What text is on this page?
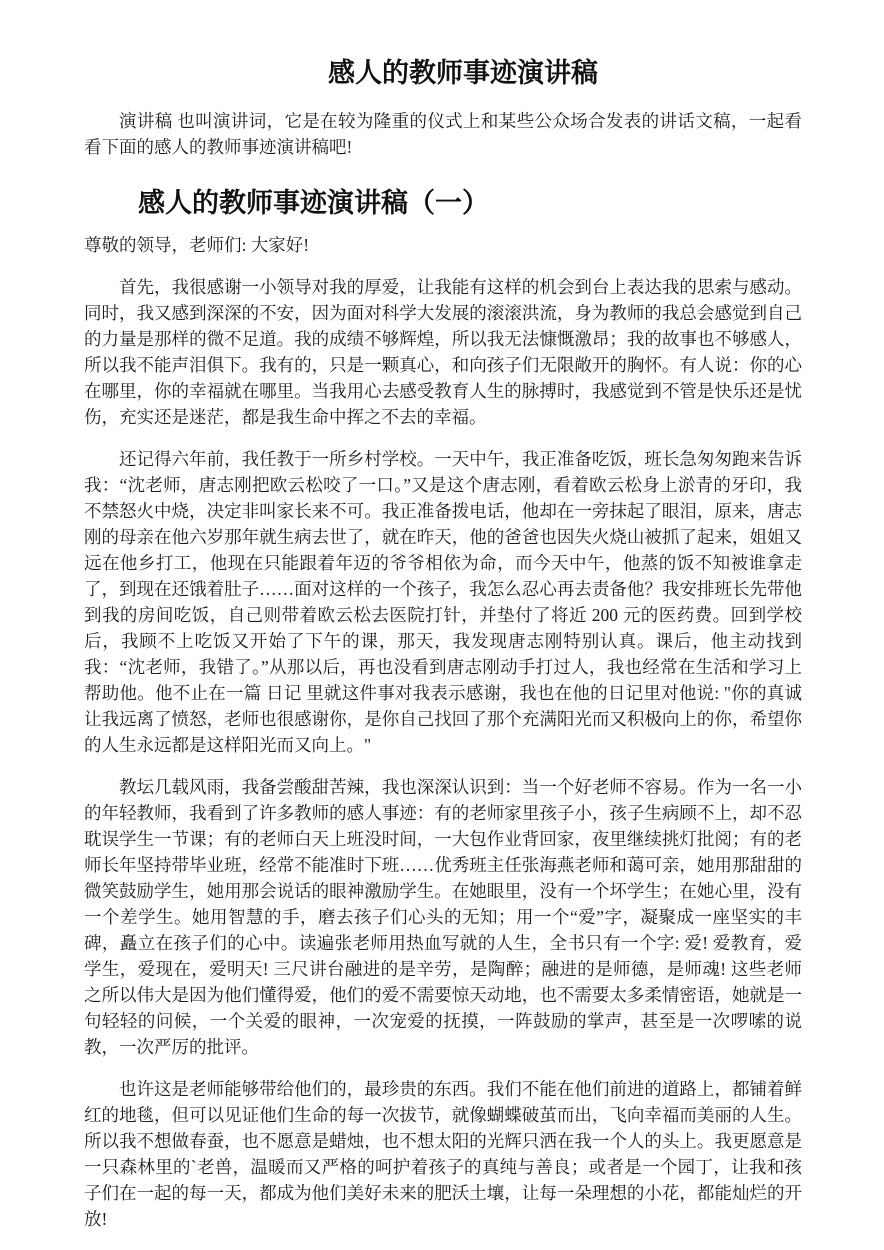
感人的教师事迹演讲稿

演讲稿 也叫演讲词，它是在较为隆重的仪式上和某些公众场合发表的讲话文稿，一起看看下面的感人的教师事迹演讲稿吧!

感人的教师事迹演讲稿（一）

尊敬的领导，老师们: 大家好!

首先，我很感谢一小领导对我的厚爱，让我能有这样的机会到台上表达我的思索与感动。同时，我又感到深深的不安，因为面对科学大发展的滚滚洪流，身为教师的我总会感觉到自己的力量是那样的微不足道。我的成绩不够辉煌，所以我无法慷慨激昂；我的故事也不够感人，所以我不能声泪俱下。我有的，只是一颗真心，和向孩子们无限敞开的胸怀。有人说：你的心在哪里，你的幸福就在哪里。当我用心去感受教育人生的脉搏时，我感觉到不管是快乐还是忧伤，充实还是迷茫，都是我生命中挥之不去的幸福。

还记得六年前，我任教于一所乡村学校。一天中午，我正准备吃饭，班长急匆匆跑来告诉我：“沈老师，唐志刚把欧云松咬了一口。”又是这个唐志刚，看着欧云松身上淤青的牙印，我不禁怒火中烧，决定非叫家长来不可。我正准备拨电话，他却在一旁抹起了眼泪，原来，唐志刚的母亲在他六岁那年就生病去世了，就在昨天，他的爸爸也因失火烧山被抓了起来，姐姐又远在他乡打工，他现在只能跟着年迈的爷爷相依为命，而今天中午，他蒸的饭不知被谁拿走了，到现在还饿着肚子……面对这样的一个孩子，我怎么忍心再去责备他？我安排班长先带他到我的房间吃饭，自己则带着欧云松去医院打针，并垫付了将近 200 元的医药费。回到学校后，我顾不上吃饭又开始了下午的课，那天，我发现唐志刚特别认真。课后，他主动找到我：“沈老师，我错了。”从那以后，再也没看到唐志刚动手打过人，我也经常在生活和学习上帮助他。他不止在一篇 日记 里就这件事对我表示感谢，我也在他的日记里对他说: "你的真诚让我远离了愤怒，老师也很感谢你，是你自己找回了那个充满阳光而又积极向上的你，希望你的人生永远都是这样阳光而又向上。"

教坛几载风雨，我备尝酸甜苦辣，我也深深认识到：当一个好老师不容易。作为一名一小的年轻教师，我看到了许多教师的感人事迹：有的老师家里孩子小，孩子生病顾不上，却不忍耽误学生一节课；有的老师白天上班没时间，一大包作业背回家，夜里继续挑灯批阅；有的老师长年坚持带毕业班，经常不能准时下班……优秀班主任张海燕老师和蔼可亲，她用那甜甜的微笑鼓励学生，她用那会说话的眼神激励学生。在她眼里，没有一个坏学生；在她心里，没有一个差学生。她用智慧的手，磨去孩子们心头的无知；用一个“爱”字，凝聚成一座坚实的丰碑，矗立在孩子们的心中。读遍张老师用热血写就的人生，全书只有一个字: 爱! 爱教育，爱学生，爱现在，爱明天! 三尺讲台融进的是辛劳，是陶醉；融进的是师德，是师魂! 这些老师之所以伟大是因为他们懂得爱，他们的爱不需要惊天动地，也不需要太多柔情密语，她就是一句轻轻的问候，一个关爱的眼神，一次宠爱的抚摸，一阵鼓励的掌声，甚至是一次啰嗦的说教，一次严厉的批评。

也许这是老师能够带给他们的，最珍贵的东西。我们不能在他们前进的道路上，都铺着鲜红的地毯，但可以见证他们生命的每一次拔节，就像蝴蝶破茧而出，飞向幸福而美丽的人生。所以我不想做春蚕，也不愿意是蜡烛，也不想太阳的光辉只洒在我一个人的头上。我更愿意是一只森林里的`老兽，温暖而又严格的呵护着孩子的真纯与善良；或者是一个园丁，让我和孩子们在一起的每一天，都成为他们美好未来的肥沃土壤，让每一朵理想的小花，都能灿烂的开放!
